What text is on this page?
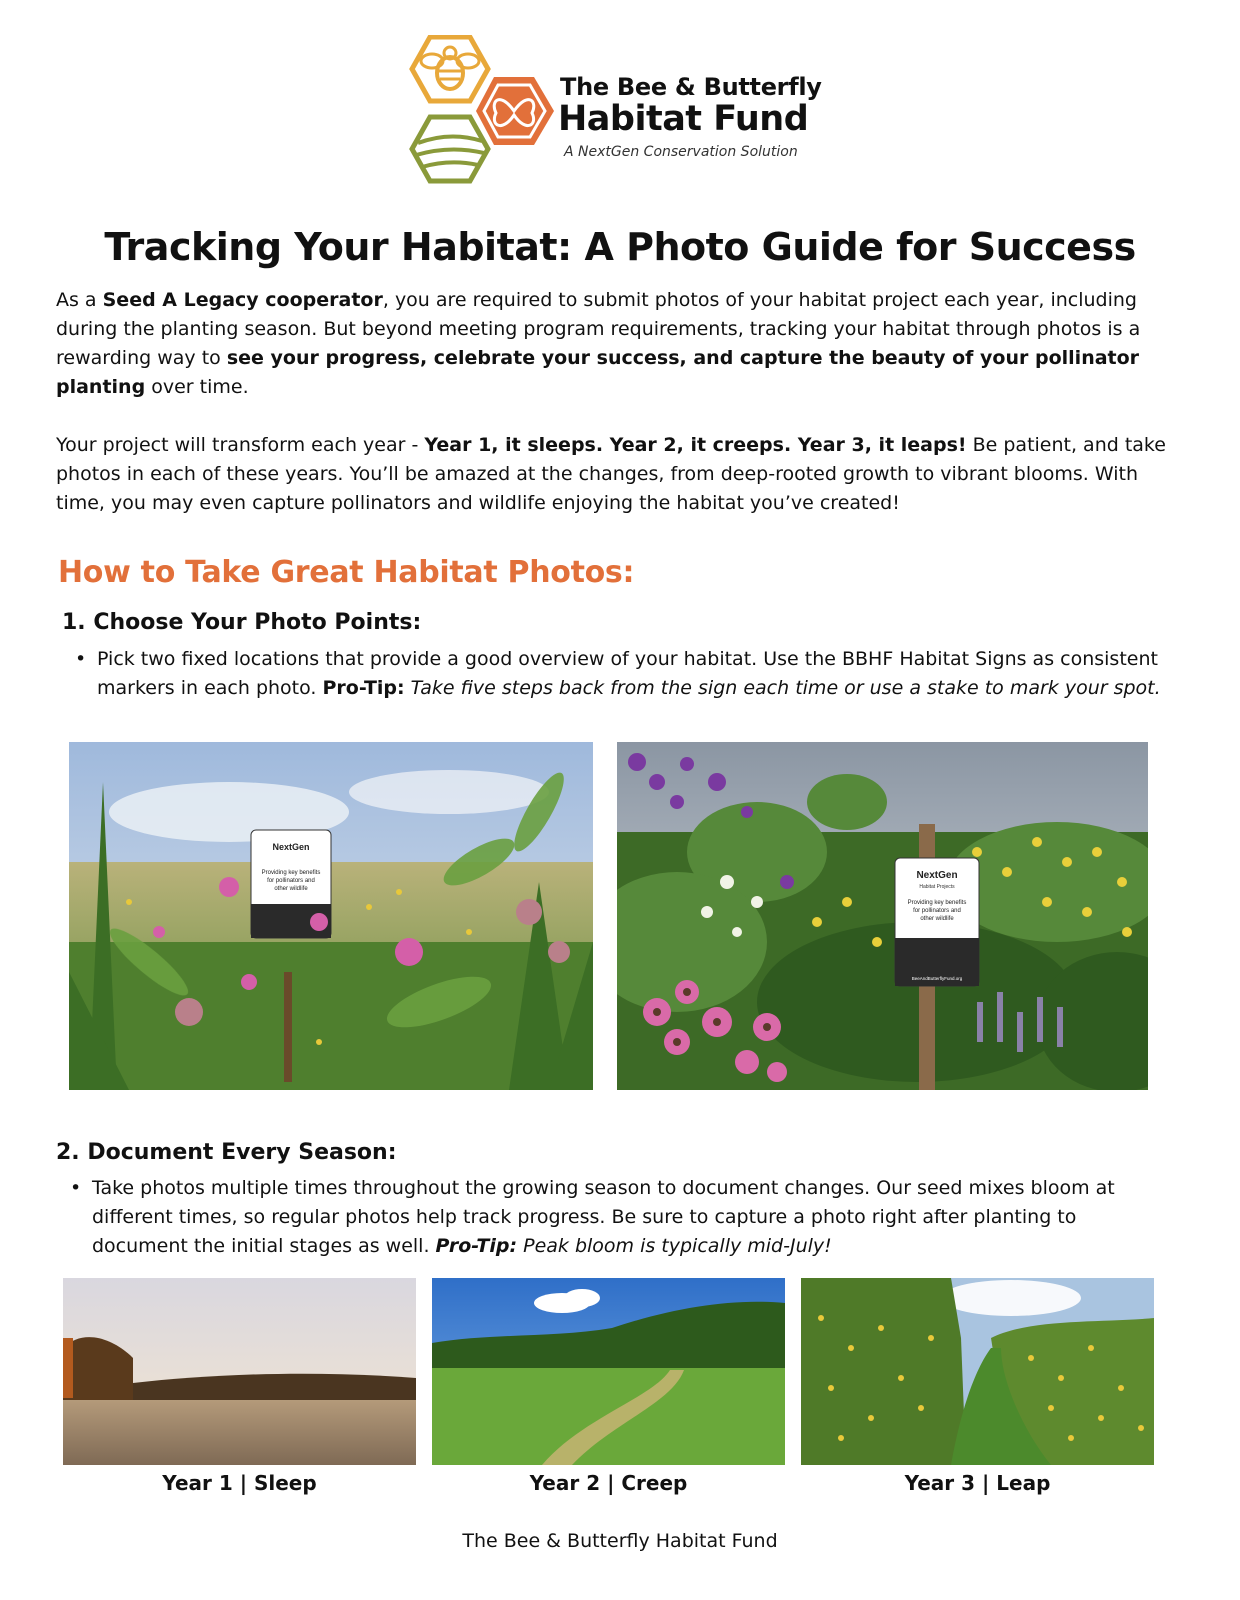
The Bee & Butterfly
Habitat Fund
A NextGen Conservation Solution
Tracking Your Habitat: A Photo Guide for Success

As a Seed A Legacy cooperator, you are required to submit photos of your habitat project each year, including during the planting season. But beyond meeting program requirements, tracking your habitat through photos is a rewarding way to see your progress, celebrate your success, and capture the beauty of your pollinator planting over time.

Your project will transform each year - Year 1, it sleeps. Year 2, it creeps. Year 3, it leaps! Be patient, and take photos in each of these years. You’ll be amazed at the changes, from deep-rooted growth to vibrant blooms. With time, you may even capture pollinators and wildlife enjoying the habitat you’ve created!

How to Take Great Habitat Photos:
1. Choose Your Photo Points:
• Pick two fixed locations that provide a good overview of your habitat. Use the BBHF Habitat Signs as consistent markers in each photo. Pro-Tip: Take five steps back from the sign each time or use a stake to mark your spot.
NextGen
Providing key benefits
for pollinators and
other wildlife
NextGen
Habitat Projects
Providing key benefits
for pollinators and
other wildlife
BeeAndButterflyFund.org
2. Document Every Season:
• Take photos multiple times throughout the growing season to document changes. Our seed mixes bloom at different times, so regular photos help track progress. Be sure to capture a photo right after planting to document the initial stages as well. Pro-Tip: Peak bloom is typically mid-July!
Year 1 | Sleep	Year 2 | Creep	Year 3 | Leap
The Bee & Butterfly Habitat Fund
